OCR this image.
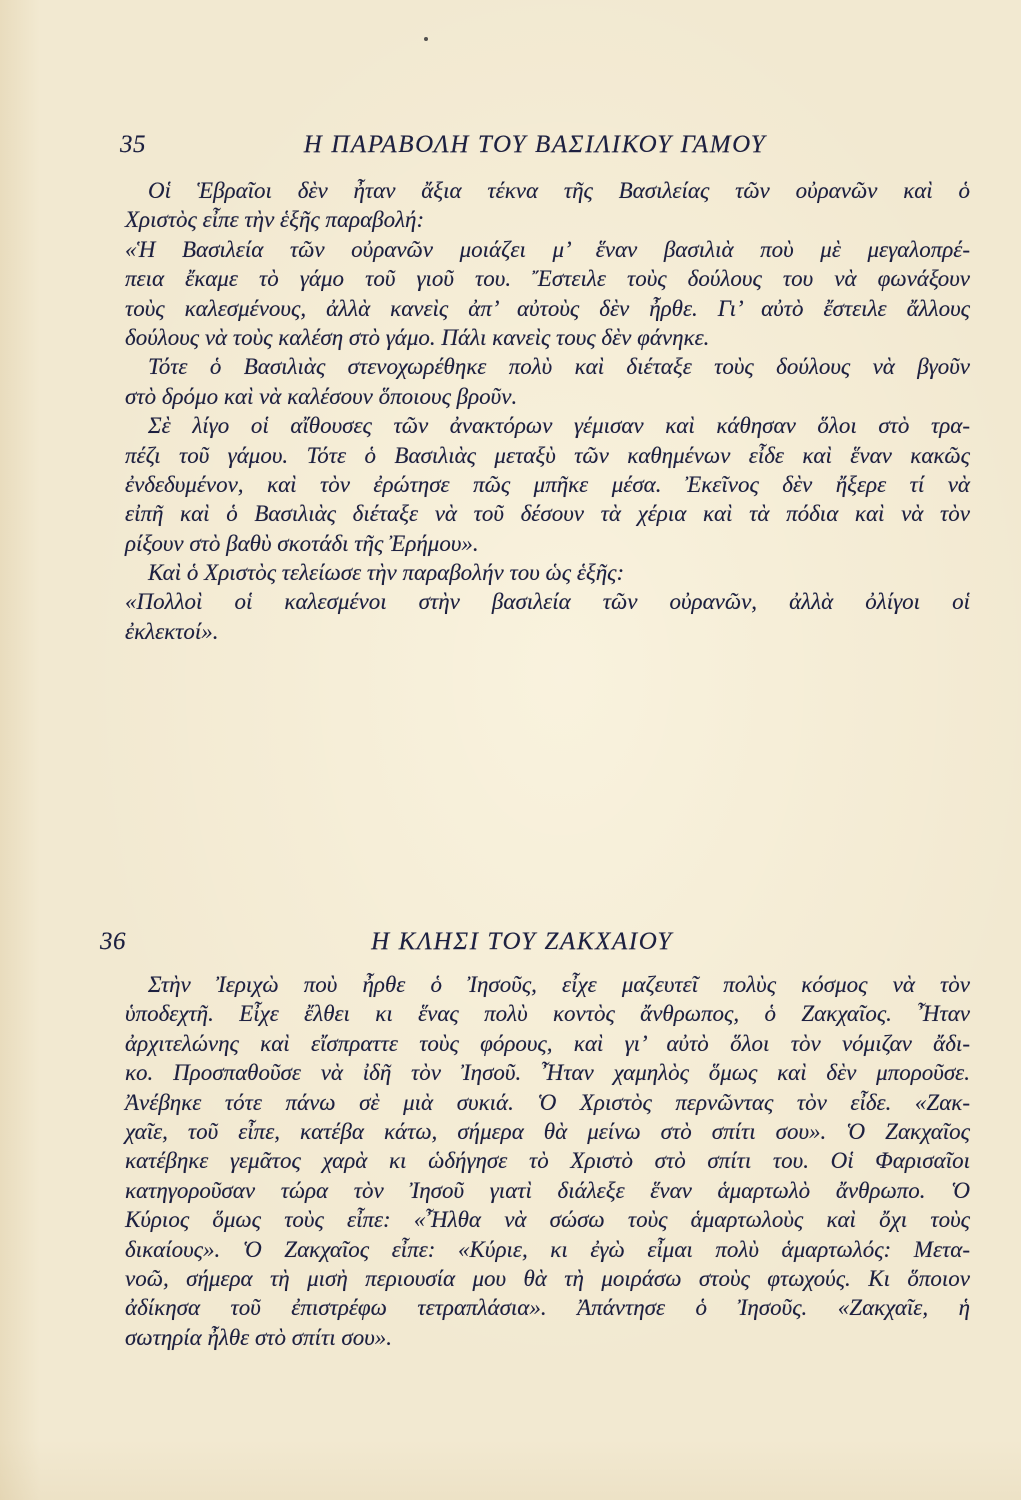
35	Η ΠΑΡΑΒΟΛΗ ΤΟΥ ΒΑΣΙΛΙΚΟΥ ΓΑΜΟΥ
Οἱ Ἑβραῖοι δὲν ἦταν ἄξια τέκνα τῆς Βασιλείας τῶν οὐρανῶν καὶ ὁ
Χριστὸς εἶπε τὴν ἑξῆς παραβολή:
«Ἡ Βασιλεία τῶν οὐρανῶν μοιάζει μ’ ἕναν βασιλιὰ ποὺ μὲ μεγαλοπρέ-
πεια ἔκαμε τὸ γάμο τοῦ γιοῦ του. Ἔστειλε τοὺς δούλους του νὰ φωνάξουν
τοὺς καλεσμένους, ἀλλὰ κανεὶς ἀπ’ αὐτοὺς δὲν ἦρθε. Γι’ αὐτὸ ἔστειλε ἄλλους
δούλους νὰ τοὺς καλέση στὸ γάμο. Πάλι κανεὶς τους δὲν φάνηκε.
Τότε ὁ Βασιλιὰς στενοχωρέθηκε πολὺ καὶ διέταξε τοὺς δούλους νὰ βγοῦν
στὸ δρόμο καὶ νὰ καλέσουν ὅποιους βροῦν.
Σὲ λίγο οἱ αἴθουσες τῶν ἀνακτόρων γέμισαν καὶ κάθησαν ὅλοι στὸ τρα-
πέζι τοῦ γάμου. Τότε ὁ Βασιλιὰς μεταξὺ τῶν καθημένων εἶδε καὶ ἕναν κακῶς
ἐνδεδυμένον, καὶ τὸν ἐρώτησε πῶς μπῆκε μέσα. Ἐκεῖνος δὲν ἤξερε τί νὰ
εἰπῆ καὶ ὁ Βασιλιὰς διέταξε νὰ τοῦ δέσουν τὰ χέρια καὶ τὰ πόδια καὶ νὰ τὸν
ρίξουν στὸ βαθὺ σκοτάδι τῆς Ἐρήμου».
Καὶ ὁ Χριστὸς τελείωσε τὴν παραβολήν του ὡς ἑξῆς:
«Πολλοὶ οἱ καλεσμένοι στὴν βασιλεία τῶν οὐρανῶν, ἀλλὰ ὀλίγοι οἱ
ἐκλεκτοί».
36	Η ΚΛΗΣΙ ΤΟΥ ΖΑΚΧΑΙΟΥ
Στὴν Ἰεριχὼ ποὺ ἦρθε ὁ Ἰησοῦς, εἶχε μαζευτεῖ πολὺς κόσμος νὰ τὸν
ὑποδεχτῆ. Εἶχε ἔλθει κι ἕνας πολὺ κοντὸς ἄνθρωπος, ὁ Ζακχαῖος. Ἦταν
ἀρχιτελώνης καὶ εἴσπραττε τοὺς φόρους, καὶ γι’ αὐτὸ ὅλοι τὸν νόμιζαν ἄδι-
κο. Προσπαθοῦσε νὰ ἰδῆ τὸν Ἰησοῦ. Ἦταν χαμηλὸς ὅμως καὶ δὲν μποροῦσε.
Ἀνέβηκε τότε πάνω σὲ μιὰ συκιά. Ὁ Χριστὸς περνῶντας τὸν εἶδε. «Ζακ-
χαῖε, τοῦ εἶπε, κατέβα κάτω, σήμερα θὰ μείνω στὸ σπίτι σου». Ὁ Ζακχαῖος
κατέβηκε γεμᾶτος χαρὰ κι ὡδήγησε τὸ Χριστὸ στὸ σπίτι του. Οἱ Φαρισαῖοι
κατηγοροῦσαν τώρα τὸν Ἰησοῦ γιατὶ διάλεξε ἕναν ἁμαρτωλὸ ἄνθρωπο. Ὁ
Κύριος ὅμως τοὺς εἶπε: «Ἦλθα νὰ σώσω τοὺς ἁμαρτωλοὺς καὶ ὄχι τοὺς
δικαίους». Ὁ Ζακχαῖος εἶπε: «Κύριε, κι ἐγὼ εἶμαι πολὺ ἁμαρτωλός: Μετα-
νοῶ, σήμερα τὴ μισὴ περιουσία μου θὰ τὴ μοιράσω στοὺς φτωχούς. Κι ὅποιον
ἀδίκησα τοῦ ἐπιστρέφω τετραπλάσια». Ἀπάντησε ὁ Ἰησοῦς. «Ζακχαῖε, ἡ
σωτηρία ἦλθε στὸ σπίτι σου».
